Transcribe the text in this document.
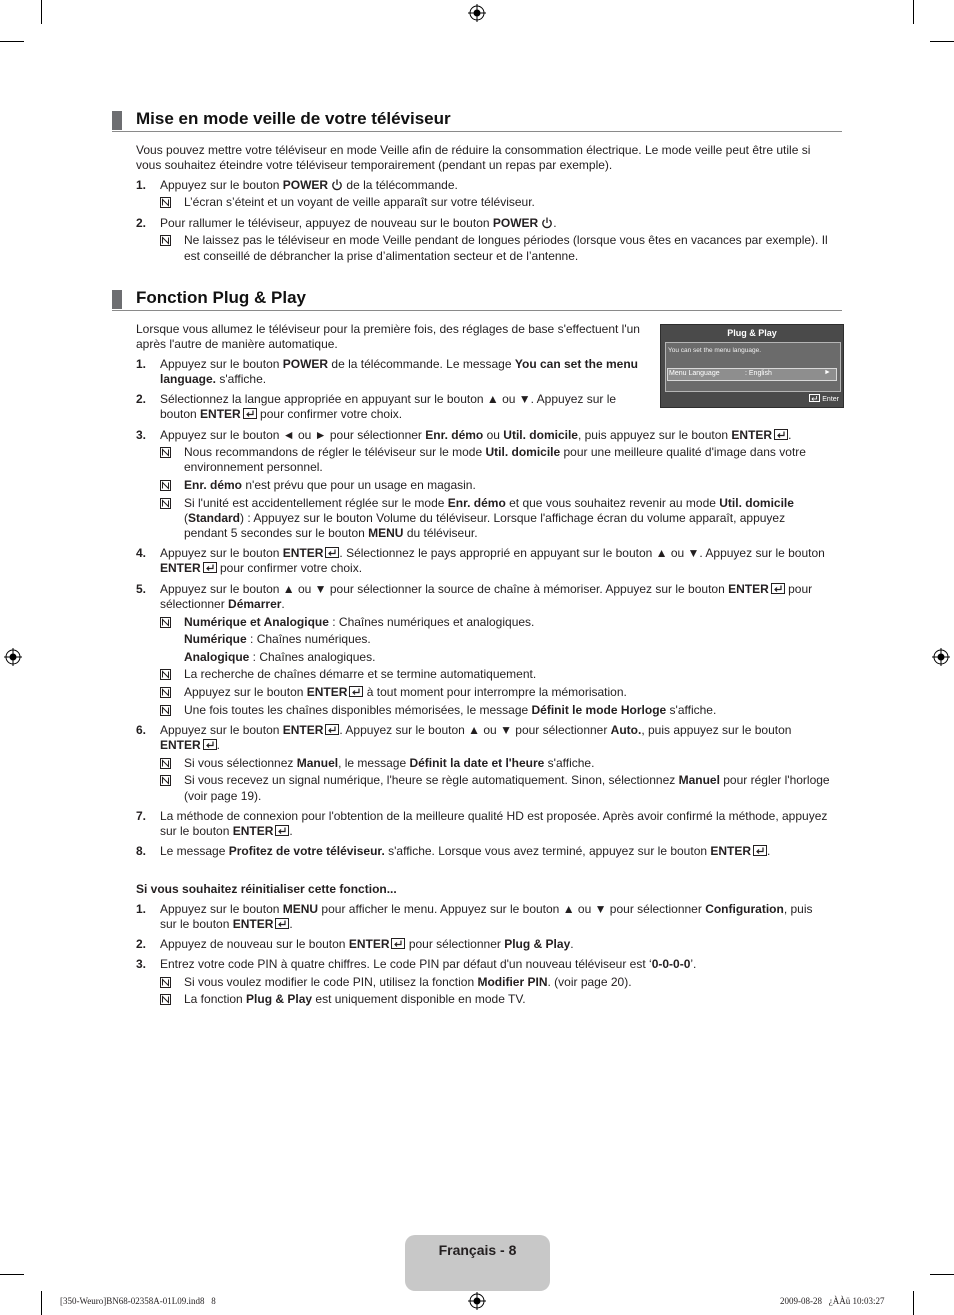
Mise en mode veille de votre téléviseur
Vous pouvez mettre votre téléviseur en mode Veille afin de réduire la consommation électrique. Le mode veille peut être utile si
vous souhaitez éteindre votre téléviseur temporairement (pendant un repas par exemple).
1. Appuyez sur le bouton POWER de la télécommande.
L’écran s’éteint et un voyant de veille apparaît sur votre téléviseur.
2. Pour rallumer le téléviseur, appuyez de nouveau sur le bouton POWER .
Ne laissez pas le téléviseur en mode Veille pendant de longues périodes (lorsque vous êtes en vacances par exemple). Il
est conseillé de débrancher la prise d’alimentation secteur et de l’antenne.
Fonction Plug & Play
Lorsque vous allumez le téléviseur pour la première fois, des réglages de base s'effectuent l'un
après l'autre de manière automatique.
Plug & Play
You can set the menu language.
Menu Language	: English	►
Enter
1. Appuyez sur le bouton POWER de la télécommande. Le message You can set the menu
language. s'affiche.
2. Sélectionnez la langue appropriée en appuyant sur le bouton ▲ ou ▼. Appuyez sur le
bouton ENTER pour confirmer votre choix.
3. Appuyez sur le bouton ◄ ou ► pour sélectionner Enr. démo ou Util. domicile, puis appuyez sur le bouton ENTER .
Nous recommandons de régler le téléviseur sur le mode Util. domicile pour une meilleure qualité d'image dans votre
environnement personnel.
Enr. démo n'est prévu que pour un usage en magasin.
Si l'unité est accidentellement réglée sur le mode Enr. démo et que vous souhaitez revenir au mode Util. domicile
(Standard) : Appuyez sur le bouton Volume du téléviseur. Lorsque l'affichage écran du volume apparaît, appuyez
pendant 5 secondes sur le bouton MENU du téléviseur.
4. Appuyez sur le bouton ENTER . Sélectionnez le pays approprié en appuyant sur le bouton ▲ ou ▼. Appuyez sur le bouton
ENTER pour confirmer votre choix.
5. Appuyez sur le bouton ▲ ou ▼ pour sélectionner la source de chaîne à mémoriser. Appuyez sur le bouton ENTER pour
sélectionner Démarrer.
Numérique et Analogique : Chaînes numériques et analogiques.
Numérique : Chaînes numériques.
Analogique : Chaînes analogiques.
La recherche de chaînes démarre et se termine automatiquement.
Appuyez sur le bouton ENTER à tout moment pour interrompre la mémorisation.
Une fois toutes les chaînes disponibles mémorisées, le message Définit le mode Horloge s'affiche.
6. Appuyez sur le bouton ENTER . Appuyez sur le bouton ▲ ou ▼ pour sélectionner Auto., puis appuyez sur le bouton
ENTER .
Si vous sélectionnez Manuel, le message Définit la date et l'heure s'affiche.
Si vous recevez un signal numérique, l'heure se règle automatiquement. Sinon, sélectionnez Manuel pour régler l'horloge
(voir page 19).
7. La méthode de connexion pour l'obtention de la meilleure qualité HD est proposée. Après avoir confirmé la méthode, appuyez
sur le bouton ENTER .
8. Le message Profitez de votre téléviseur. s'affiche. Lorsque vous avez terminé, appuyez sur le bouton ENTER .
Si vous souhaitez réinitialiser cette fonction...
1. Appuyez sur le bouton MENU pour afficher le menu. Appuyez sur le bouton ▲ ou ▼ pour sélectionner Configuration, puis
sur le bouton ENTER .
2. Appuyez de nouveau sur le bouton ENTER pour sélectionner Plug & Play.
3. Entrez votre code PIN à quatre chiffres. Le code PIN par défaut d'un nouveau téléviseur est ‘0-0-0-0’.
Si vous voulez modifier le code PIN, utilisez la fonction Modifier PIN. (voir page 20).
La fonction Plug & Play est uniquement disponible en mode TV.
Français - 8
[350-Weuro]BN68-02358A-01L09.ind8   8	2009-08-28   ¿ÀÀü 10:03:27
